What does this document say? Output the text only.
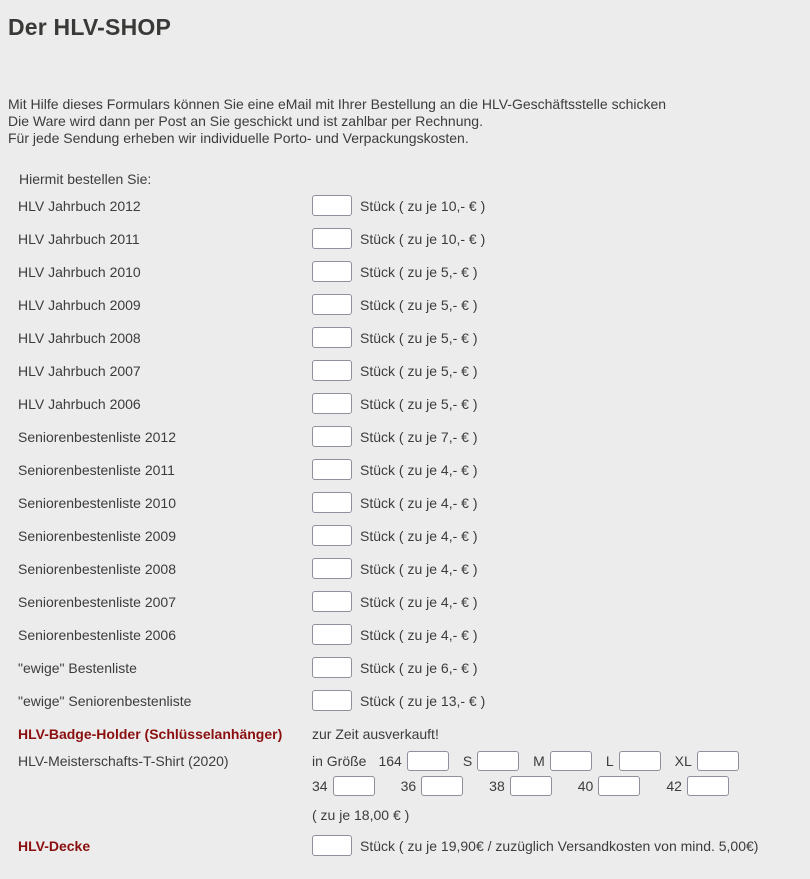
Der HLV-SHOP
Mit Hilfe dieses Formulars können Sie eine eMail mit Ihrer Bestellung an die HLV-Geschäftsstelle schicken
Die Ware wird dann per Post an Sie geschickt und ist zahlbar per Rechnung.
Für jede Sendung erheben wir individuelle Porto- und Verpackungskosten.
Hiermit bestellen Sie:
HLV Jahrbuch 2012	Stück ( zu je 10,- € )
HLV Jahrbuch 2011	Stück ( zu je 10,- € )
HLV Jahrbuch 2010	Stück ( zu je 5,- € )
HLV Jahrbuch 2009	Stück ( zu je 5,- € )
HLV Jahrbuch 2008	Stück ( zu je 5,- € )
HLV Jahrbuch 2007	Stück ( zu je 5,- € )
HLV Jahrbuch 2006	Stück ( zu je 5,- € )
Seniorenbestenliste 2012	Stück ( zu je 7,- € )
Seniorenbestenliste 2011	Stück ( zu je 4,- € )
Seniorenbestenliste 2010	Stück ( zu je 4,- € )
Seniorenbestenliste 2009	Stück ( zu je 4,- € )
Seniorenbestenliste 2008	Stück ( zu je 4,- € )
Seniorenbestenliste 2007	Stück ( zu je 4,- € )
Seniorenbestenliste 2006	Stück ( zu je 4,- € )
"ewige" Bestenliste	Stück ( zu je 6,- € )
"ewige" Seniorenbestenliste	Stück ( zu je 13,- € )
HLV-Badge-Holder (Schlüsselanhänger)	zur Zeit ausverkauft!
HLV-Meisterschafts-T-Shirt (2020)	in Größe 164	S	M	L	XL
34	36	38	40	42
( zu je 18,00 € )
HLV-Decke	Stück ( zu je 19,90€ / zuzüglich Versandkosten von mind. 5,00€)
